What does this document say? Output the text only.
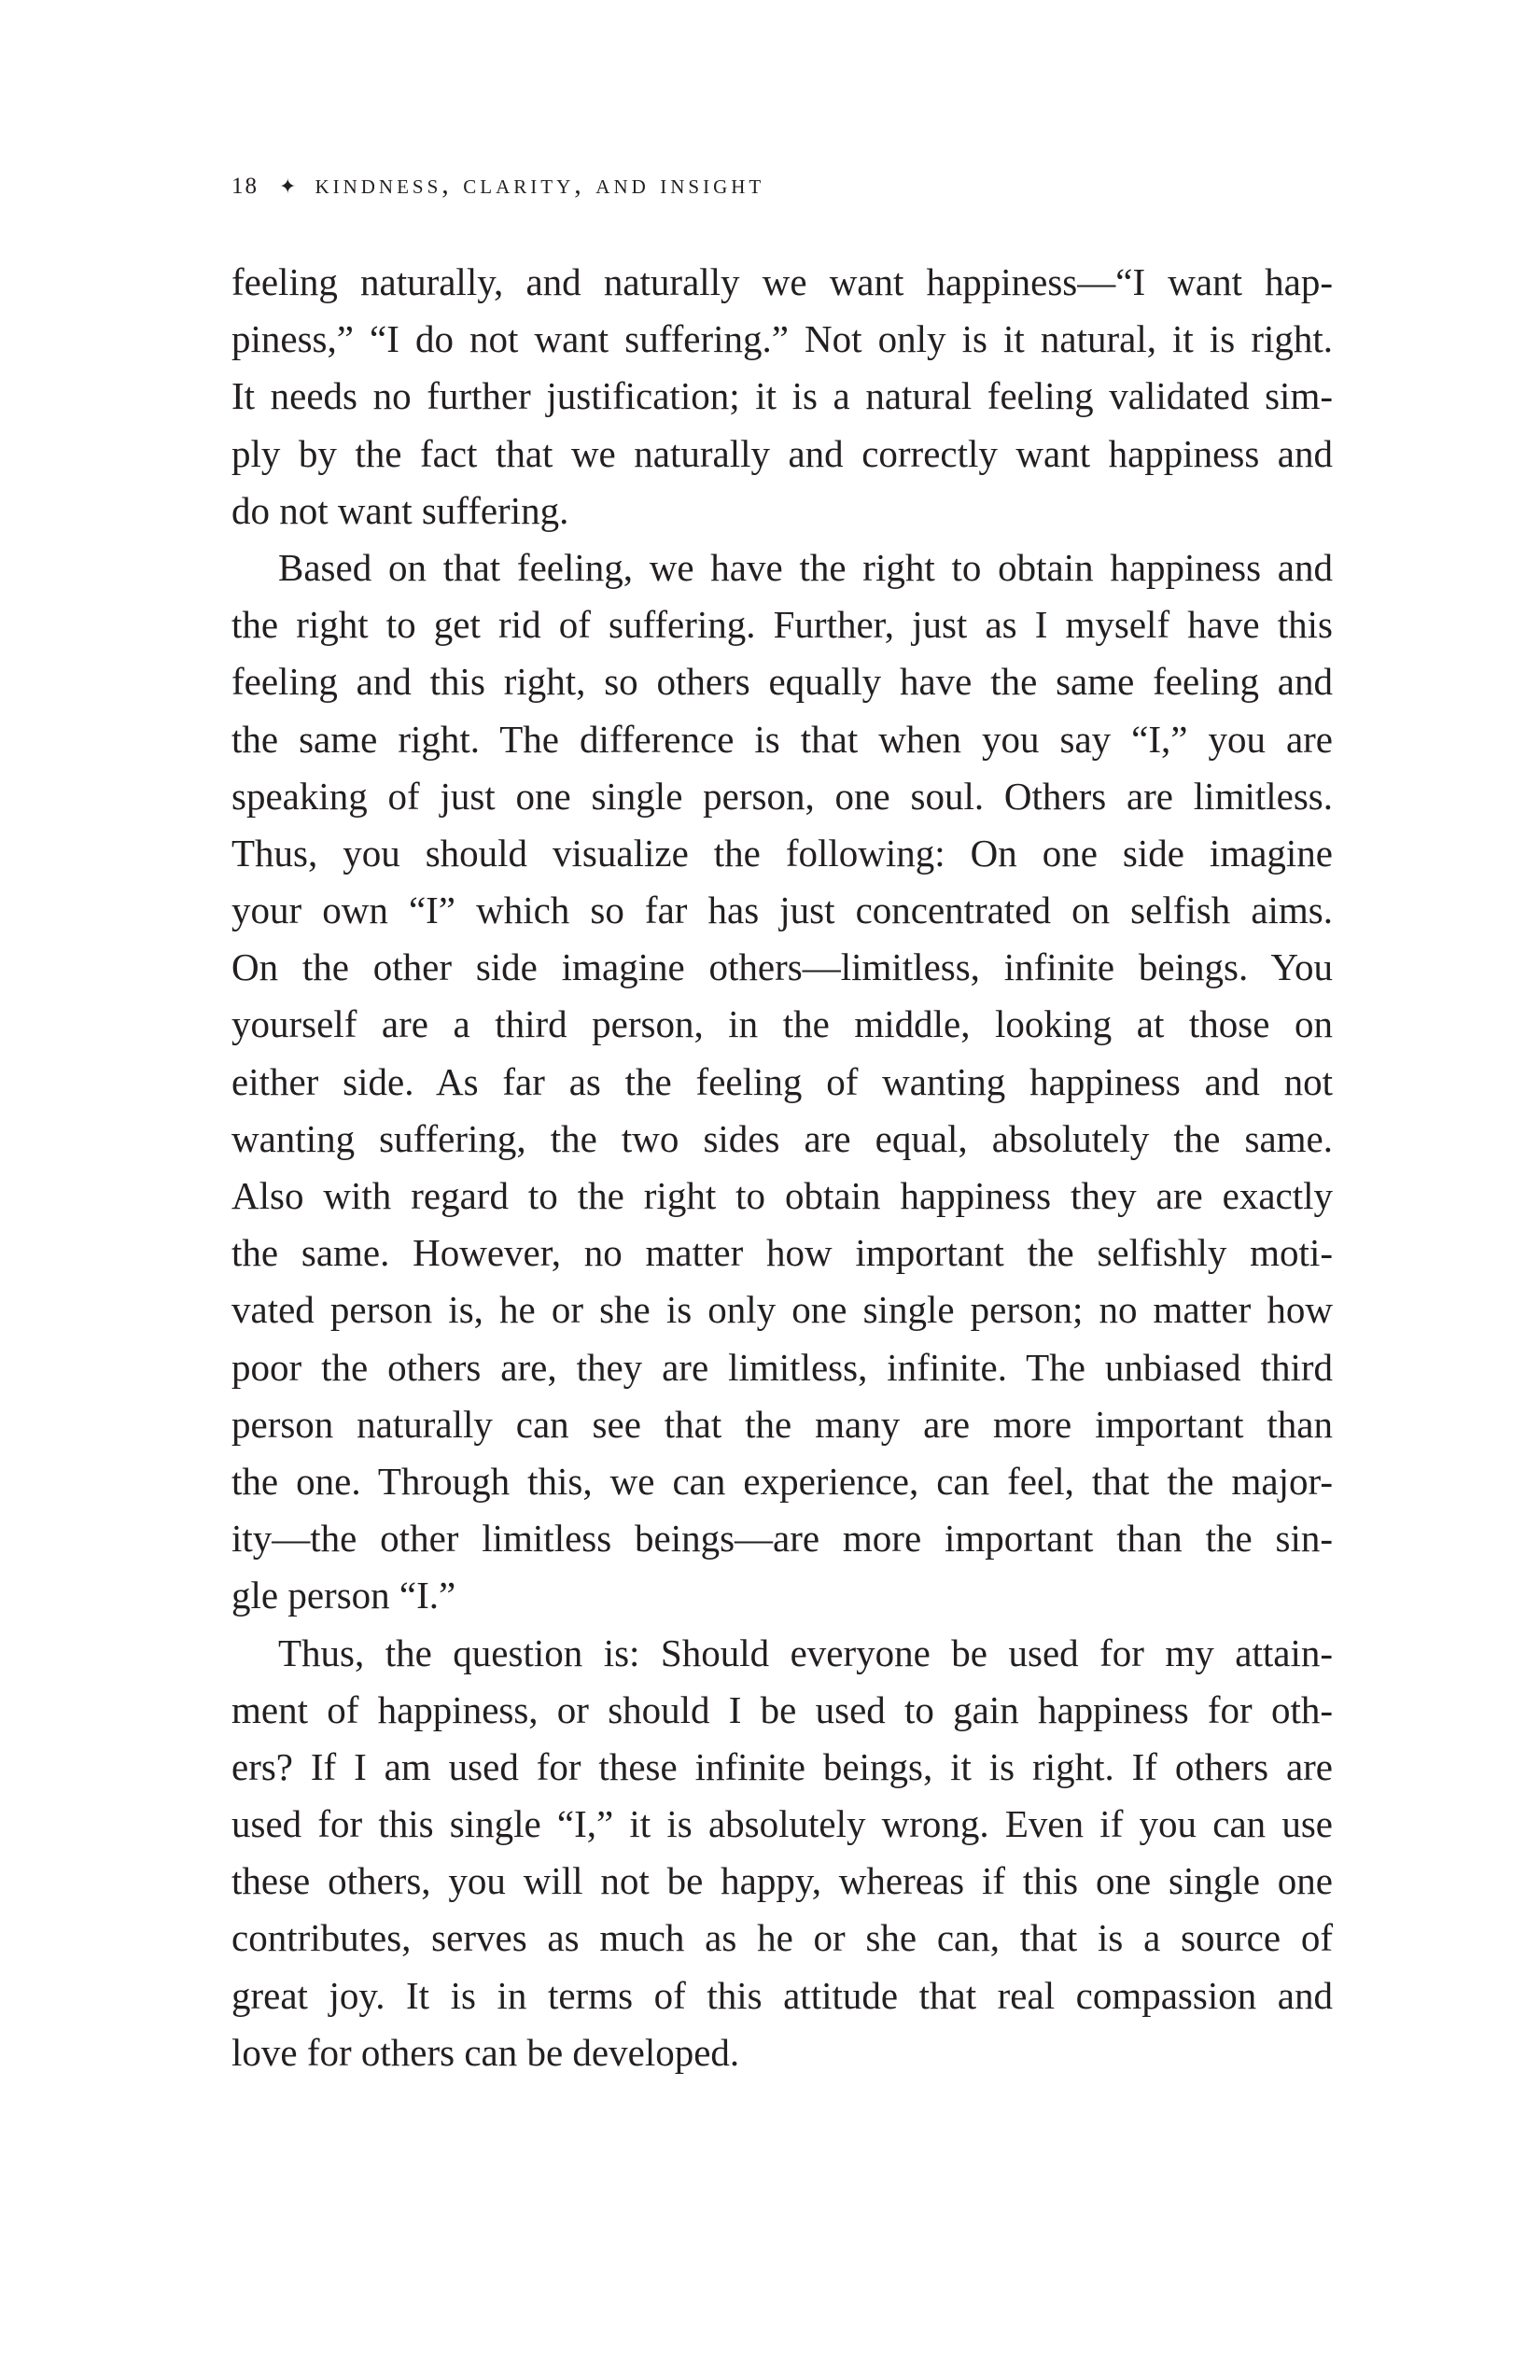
18 ✦ kindness, clarity, and insight
feeling naturally, and naturally we want happiness—“I want hap-
piness,” “I do not want suffering.” Not only is it natural, it is right.
It needs no further justification; it is a natural feeling validated sim-
ply by the fact that we naturally and correctly want happiness and
do not want suffering.
Based on that feeling, we have the right to obtain happiness and
the right to get rid of suffering. Further, just as I myself have this
feeling and this right, so others equally have the same feeling and
the same right. The difference is that when you say “I,” you are
speaking of just one single person, one soul. Others are limitless.
Thus, you should visualize the following: On one side imagine
your own “I” which so far has just concentrated on selfish aims.
On the other side imagine others—limitless, infinite beings. You
yourself are a third person, in the middle, looking at those on
either side. As far as the feeling of wanting happiness and not
wanting suffering, the two sides are equal, absolutely the same.
Also with regard to the right to obtain happiness they are exactly
the same. However, no matter how important the selfishly moti-
vated person is, he or she is only one single person; no matter how
poor the others are, they are limitless, infinite. The unbiased third
person naturally can see that the many are more important than
the one. Through this, we can experience, can feel, that the major-
ity—the other limitless beings—are more important than the sin-
gle person “I.”
Thus, the question is: Should everyone be used for my attain-
ment of happiness, or should I be used to gain happiness for oth-
ers? If I am used for these infinite beings, it is right. If others are
used for this single “I,” it is absolutely wrong. Even if you can use
these others, you will not be happy, whereas if this one single one
contributes, serves as much as he or she can, that is a source of
great joy. It is in terms of this attitude that real compassion and
love for others can be developed.
